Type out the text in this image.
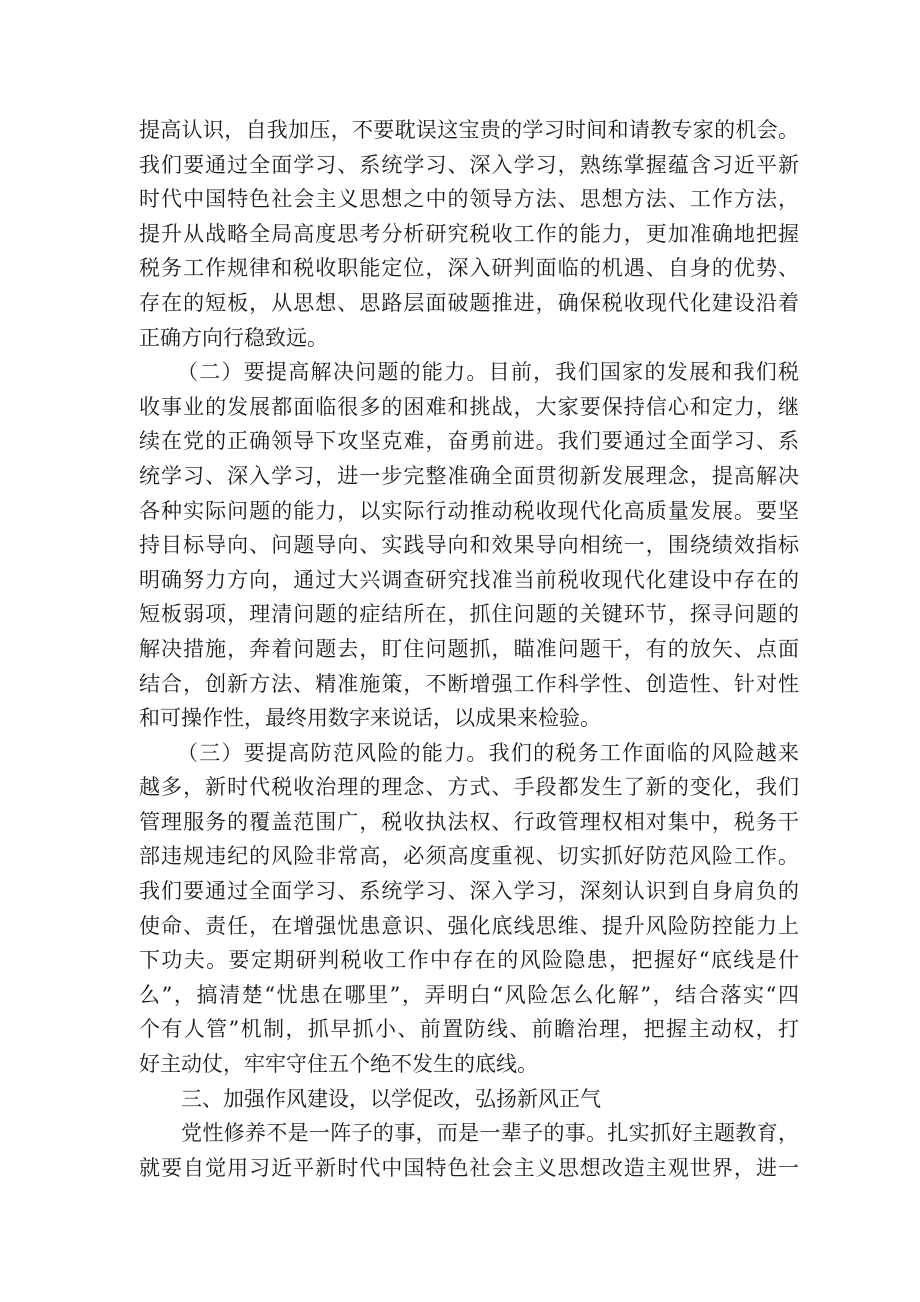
提高认识，自我加压，不要耽误这宝贵的学习时间和请教专家的机会。
我们要通过全面学习、系统学习、深入学习，熟练掌握蕴含习近平新
时代中国特色社会主义思想之中的领导方法、思想方法、工作方法，
提升从战略全局高度思考分析研究税收工作的能力，更加准确地把握
税务工作规律和税收职能定位，深入研判面临的机遇、自身的优势、
存在的短板，从思想、思路层面破题推进，确保税收现代化建设沿着
正确方向行稳致远。
（二）要提高解决问题的能力。目前，我们国家的发展和我们税
收事业的发展都面临很多的困难和挑战，大家要保持信心和定力，继
续在党的正确领导下攻坚克难，奋勇前进。我们要通过全面学习、系
统学习、深入学习，进一步完整准确全面贯彻新发展理念，提高解决
各种实际问题的能力，以实际行动推动税收现代化高质量发展。要坚
持目标导向、问题导向、实践导向和效果导向相统一，围绕绩效指标
明确努力方向，通过大兴调查研究找准当前税收现代化建设中存在的
短板弱项，理清问题的症结所在，抓住问题的关键环节，探寻问题的
解决措施，奔着问题去，盯住问题抓，瞄准问题干，有的放矢、点面
结合，创新方法、精准施策，不断增强工作科学性、创造性、针对性
和可操作性，最终用数字来说话，以成果来检验。
（三）要提高防范风险的能力。我们的税务工作面临的风险越来
越多，新时代税收治理的理念、方式、手段都发生了新的变化，我们
管理服务的覆盖范围广，税收执法权、行政管理权相对集中，税务干
部违规违纪的风险非常高，必须高度重视、切实抓好防范风险工作。
我们要通过全面学习、系统学习、深入学习，深刻认识到自身肩负的
使命、责任，在增强忧患意识、强化底线思维、提升风险防控能力上
下功夫。要定期研判税收工作中存在的风险隐患，把握好“底线是什
么”，搞清楚“忧患在哪里”，弄明白“风险怎么化解”，结合落实“四
个有人管”机制，抓早抓小、前置防线、前瞻治理，把握主动权，打
好主动仗，牢牢守住五个绝不发生的底线。
三、加强作风建设，以学促改，弘扬新风正气
党性修养不是一阵子的事，而是一辈子的事。扎实抓好主题教育，
就要自觉用习近平新时代中国特色社会主义思想改造主观世界，进一
